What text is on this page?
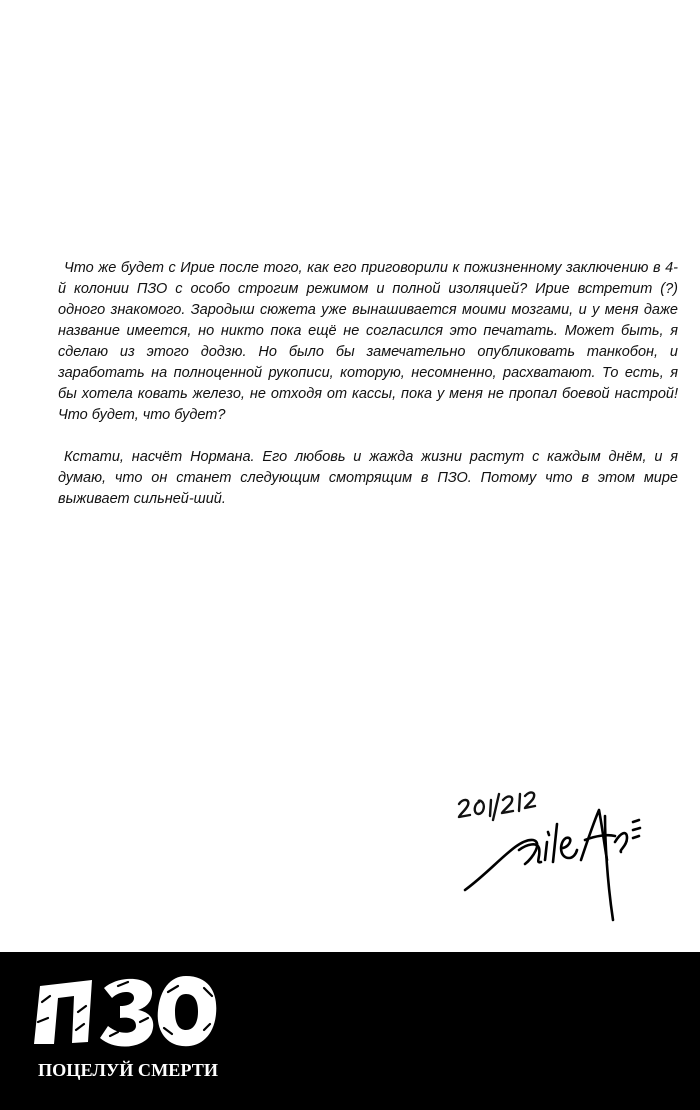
Что же будет с Ирие после того, как его приговорили к пожизненному заключению в 4-й колонии ПЗО с особо строгим режимом и полной изоляцией? Ирие встретит (?) одного знакомого. Зародыш сюжета уже вынашивается моими мозгами, и у меня даже название имеется, но никто пока ещё не согласился это печатать. Может быть, я сделаю из этого додзю. Но было бы замечательно опубликовать танкобон, и заработать на полноценной рукописи, которую, несомненно, расхватают. То есть, я бы хотела ковать железо, не отходя от кассы, пока у меня не пропал боевой настрой! Что будет, что будет?

Кстати, насчёт Нормана. Его любовь и жажда жизни растут с каждым днём, и я думаю, что он станет следующим смотрящим в ПЗО. Потому что в этом мире выживает сильней-ший.

ПОЦЕЛУЙ СМЕРТИ
